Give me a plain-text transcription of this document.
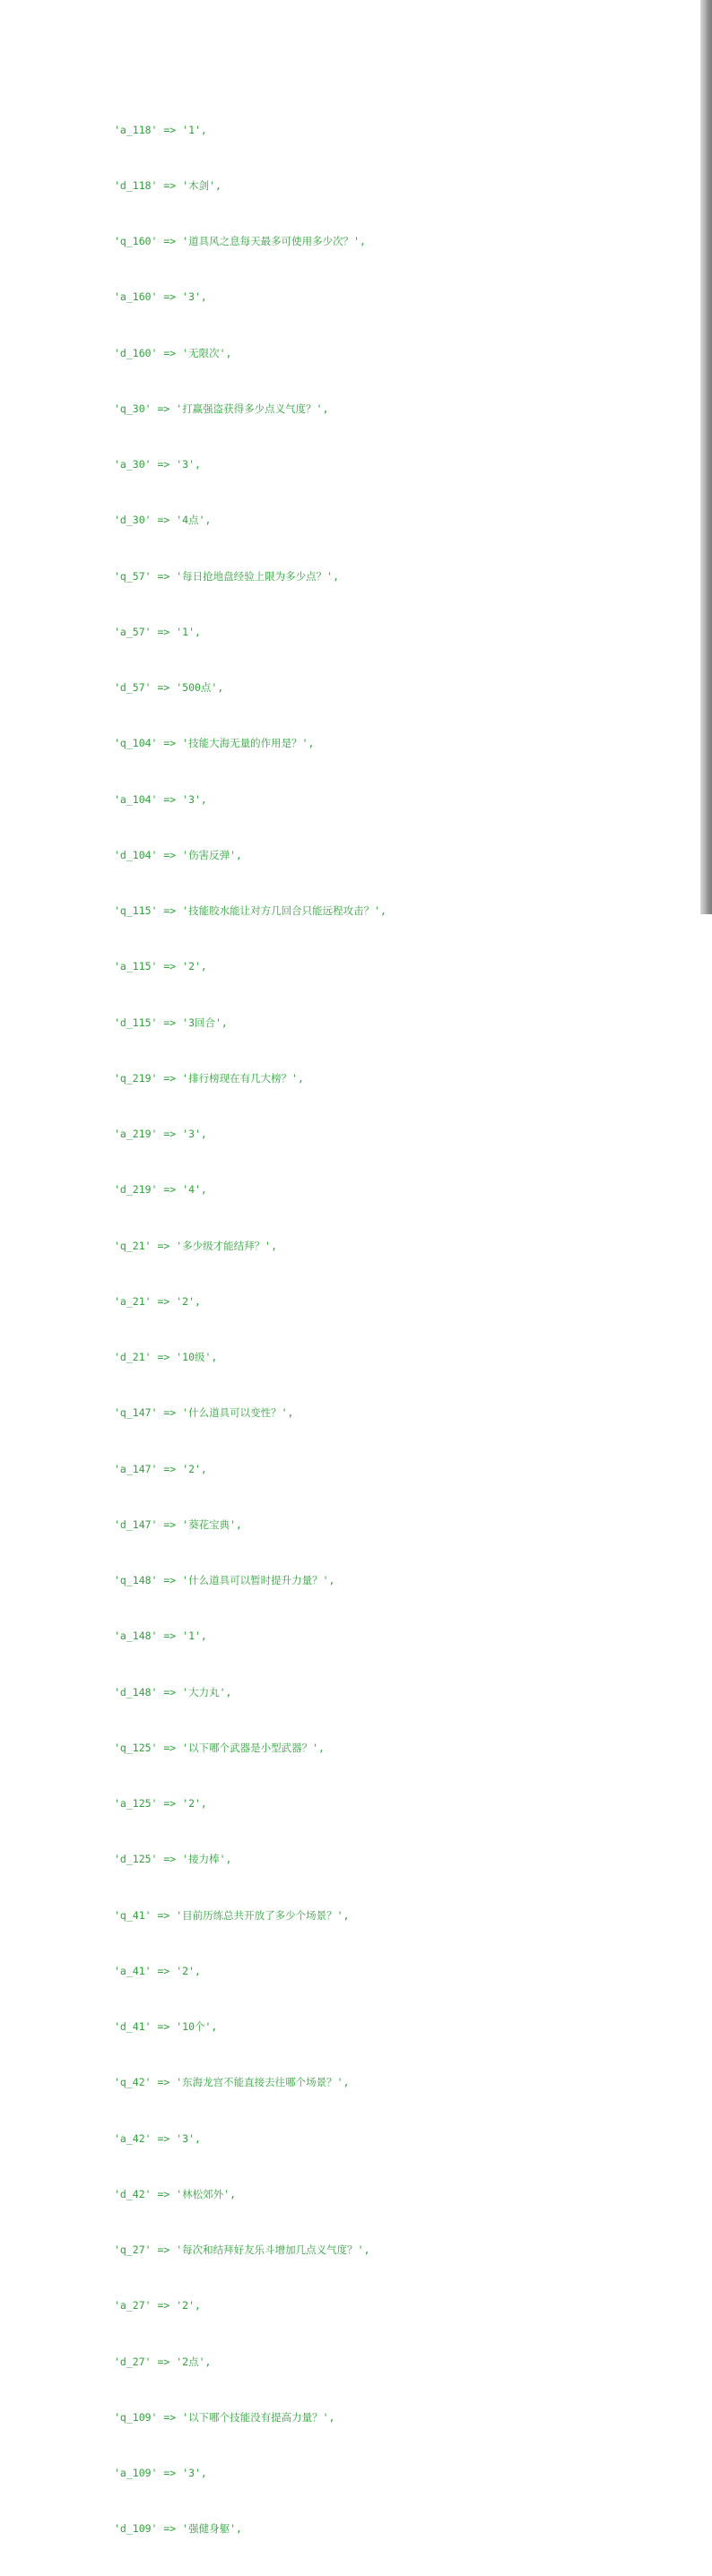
'a_118' => '1',

'd_118' => '木剑',

'q_160' => '道具风之息每天最多可使用多少次？',

'a_160' => '3',

'd_160' => '无限次',

'q_30' => '打赢强盗获得多少点义气度？',

'a_30' => '3',

'd_30' => '4点',

'q_57' => '每日抢地盘经验上限为多少点？',

'a_57' => '1',

'd_57' => '500点',

'q_104' => '技能大海无量的作用是？',

'a_104' => '3',

'd_104' => '伤害反弹',

'q_115' => '技能胶水能让对方几回合只能远程攻击？',

'a_115' => '2',

'd_115' => '3回合',

'q_219' => '排行榜现在有几大榜？',

'a_219' => '3',

'd_219' => '4',

'q_21' => '多少级才能结拜？',

'a_21' => '2',

'd_21' => '10级',

'q_147' => '什么道具可以变性？',

'a_147' => '2',

'd_147' => '葵花宝典',

'q_148' => '什么道具可以暂时提升力量？',

'a_148' => '1',

'd_148' => '大力丸',

'q_125' => '以下哪个武器是小型武器？',

'a_125' => '2',

'd_125' => '接力棒',

'q_41' => '目前历练总共开放了多少个场景？',

'a_41' => '2',

'd_41' => '10个',

'q_42' => '东海龙宫不能直接去往哪个场景？',

'a_42' => '3',

'd_42' => '林松郊外',

'q_27' => '每次和结拜好友乐斗增加几点义气度？',

'a_27' => '2',

'd_27' => '2点',

'q_109' => '以下哪个技能没有提高力量？',

'a_109' => '3',

'd_109' => '强健身躯',
